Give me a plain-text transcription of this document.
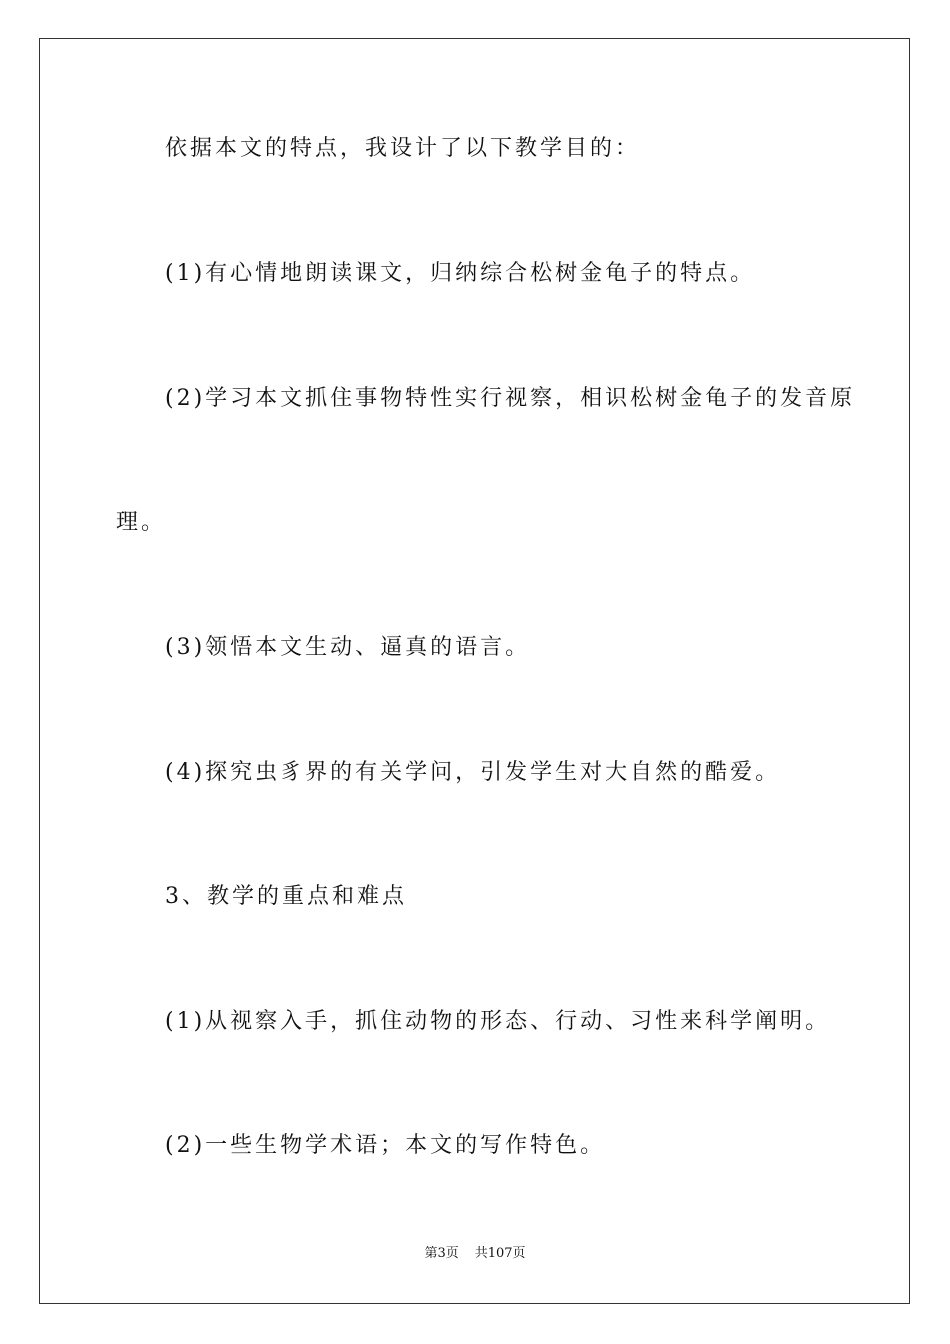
依据本文的特点，我设计了以下教学目的：
(1)有心情地朗读课文，归纳综合松树金龟子的特点。
(2)学习本文抓住事物特性实行视察，相识松树金龟子的发音原
理。
(3)领悟本文生动、逼真的语言。
(4)探究虫豸界的有关学问，引发学生对大自然的酷爱。
3、教学的重点和难点
(1)从视察入手，抓住动物的形态、行动、习性来科学阐明。
(2)一些生物学术语；本文的写作特色。
第3页 共107页
